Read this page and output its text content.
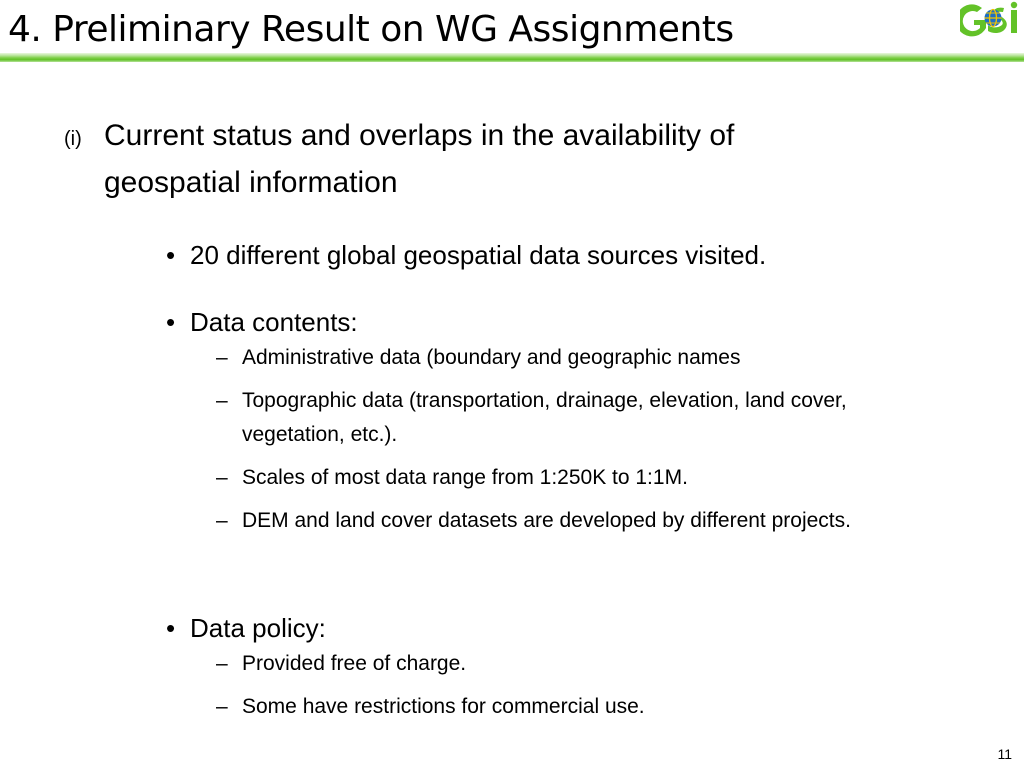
4. Preliminary Result on WG Assignments
(i) Current status and overlaps in the availability of
geospatial information
• 20 different global geospatial data sources visited.
• Data contents:
– Administrative data (boundary and geographic names
– Topographic data (transportation, drainage, elevation, land cover, vegetation, etc.).
– Scales of most data range from 1:250K to 1:1M.
– DEM and land cover datasets are developed by different projects.
• Data policy:
– Provided free of charge.
– Some have restrictions for commercial use.
11
